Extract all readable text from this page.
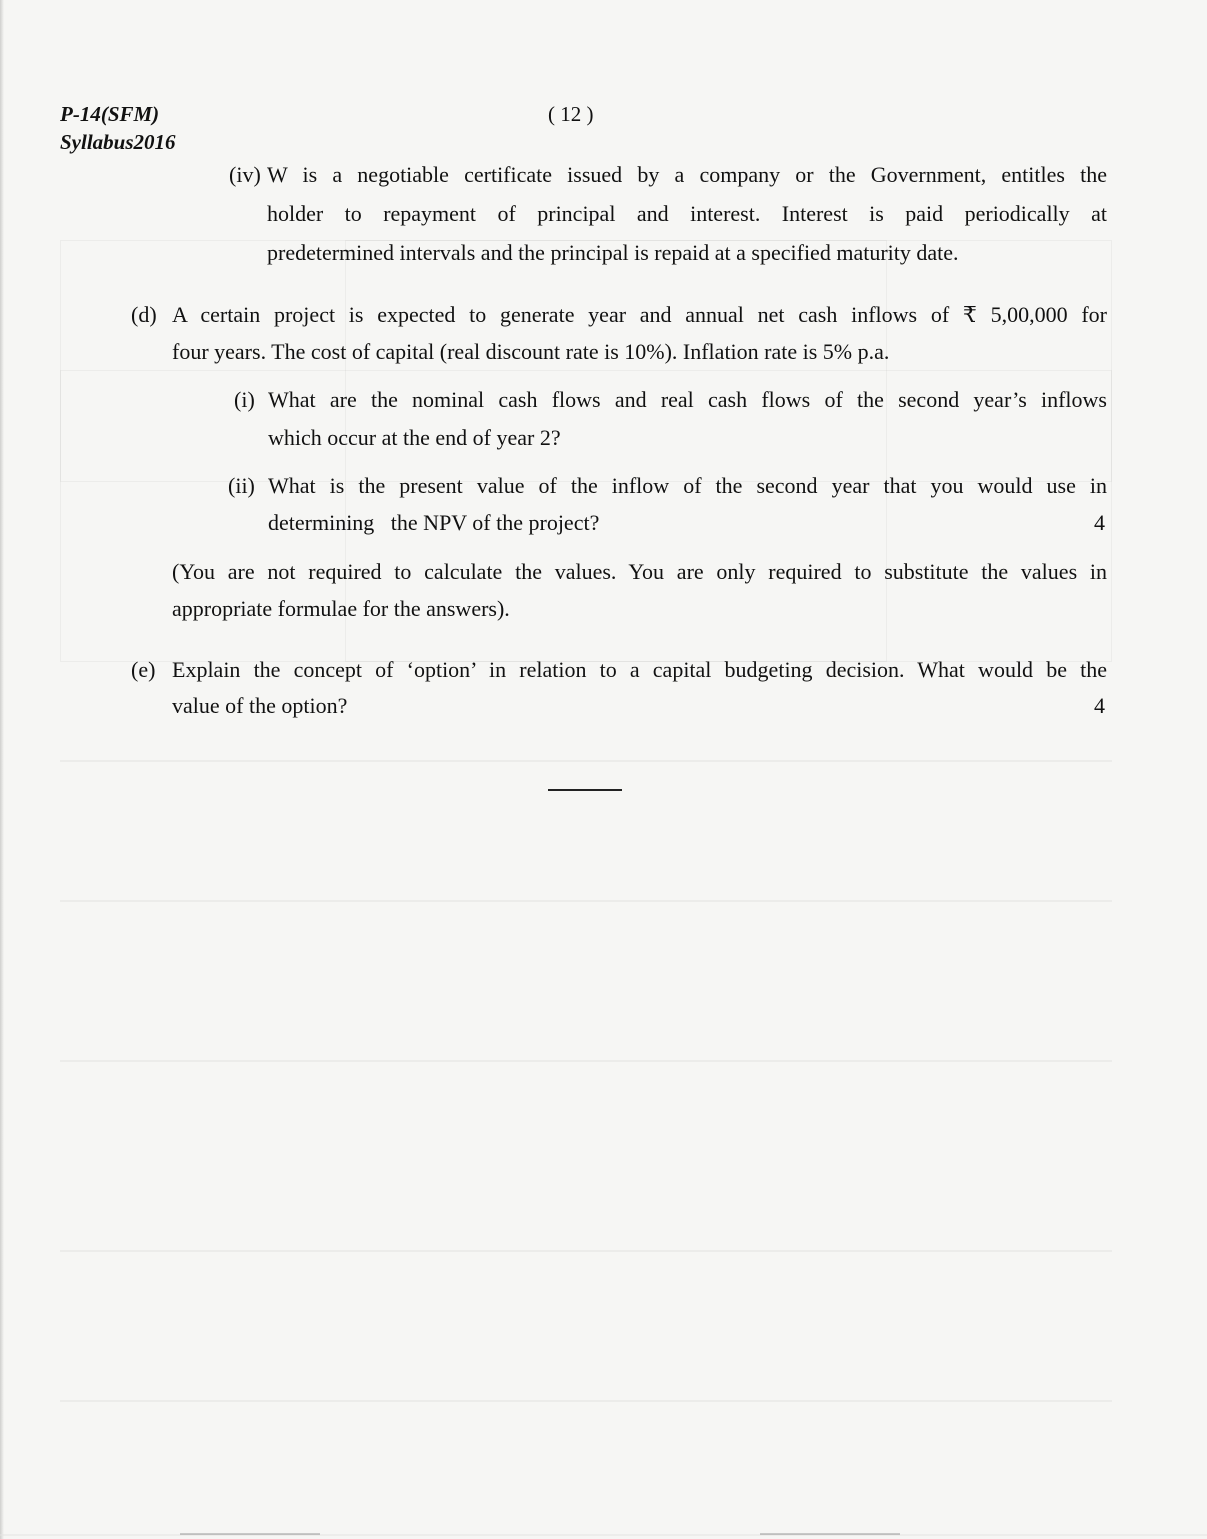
P-14(SFM)
Syllabus2016
( 12 )
(iv) W is a negotiable certificate issued by a company or the Government, entitles the
holder to repayment of principal and interest. Interest is paid periodically at
predetermined intervals and the principal is repaid at a specified maturity date.
(d) A certain project is expected to generate year and annual net cash inflows of ₹ 5,00,000 for
four years. The cost of capital (real discount rate is 10%). Inflation rate is 5% p.a.
(i) What are the nominal cash flows and real cash flows of the second year’s inflows
which occur at the end of year 2?
(ii) What is the present value of the inflow of the second year that you would use in
determining   the NPV of the project?	4
(You are not required to calculate the values. You are only required to substitute the values in
appropriate formulae for the answers).
(e) Explain the concept of ‘option’ in relation to a capital budgeting decision. What would be the
value of the option?	4
